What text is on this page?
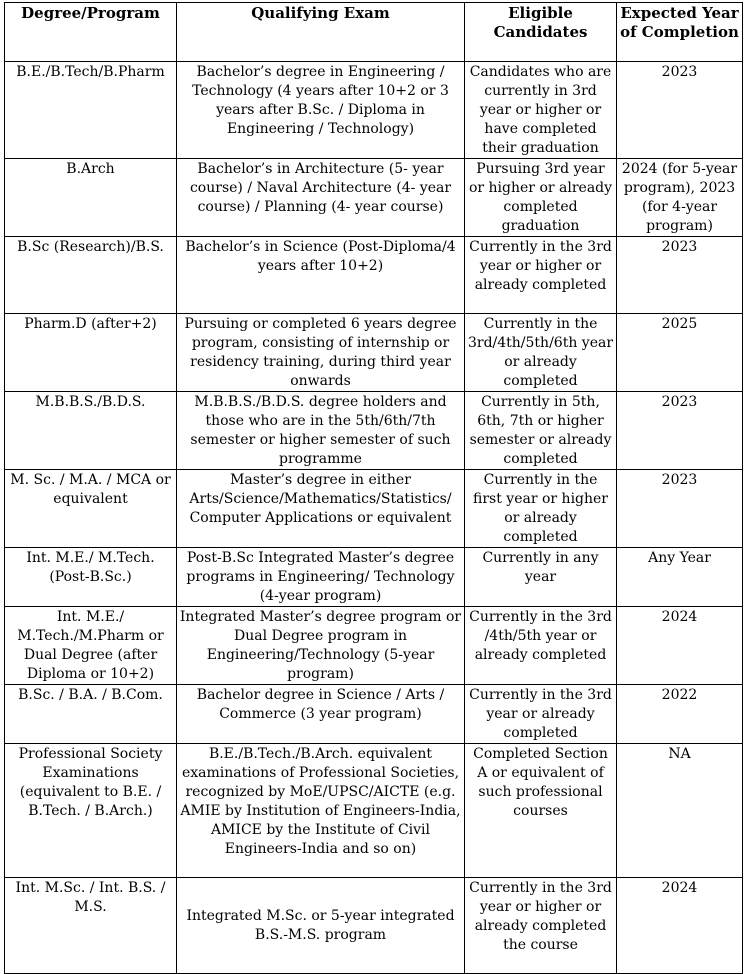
Degree/Program	Qualifying Exam	Eligible Candidates	Expected Year of Completion
B.E./B.Tech/B.Pharm	Bachelor’s degree in Engineering / Technology (4 years after 10+2 or 3 years after B.Sc. / Diploma in Engineering / Technology)	Candidates who are currently in 3rd year or higher or have completed their graduation	2023
B.Arch	Bachelor’s in Architecture (5- year course) / Naval Architecture (4- year course) / Planning (4- year course)	Pursuing 3rd year or higher or already completed graduation	2024 (for 5-year program), 2023 (for 4-year program)
B.Sc (Research)/B.S.	Bachelor’s in Science (Post-Diploma/4 years after 10+2)	Currently in the 3rd year or higher or already completed	2023
Pharm.D (after+2)	Pursuing or completed 6 years degree program, consisting of internship or residency training, during third year onwards	Currently in the 3rd/4th/5th/6th year or already completed	2025
M.B.B.S./B.D.S.	M.B.B.S./B.D.S. degree holders and those who are in the 5th/6th/7th semester or higher semester of such programme	Currently in 5th, 6th, 7th or higher semester or already completed	2023
M. Sc. / M.A. / MCA or equivalent	Master’s degree in either Arts/Science/Mathematics/Statistics/ Computer Applications or equivalent	Currently in the first year or higher or already completed	2023
Int. M.E./ M.Tech. (Post-B.Sc.)	Post-B.Sc Integrated Master’s degree programs in Engineering/ Technology (4-year program)	Currently in any year	Any Year
Int. M.E./ M.Tech./M.Pharm or Dual Degree (after Diploma or 10+2)	Integrated Master’s degree program or Dual Degree program in Engineering/Technology (5-year program)	Currently in the 3rd /4th/5th year or already completed	2024
B.Sc. / B.A. / B.Com.	Bachelor degree in Science / Arts / Commerce (3 year program)	Currently in the 3rd year or already completed	2022
Professional Society Examinations (equivalent to B.E. / B.Tech. / B.Arch.)	B.E./B.Tech./B.Arch. equivalent examinations of Professional Societies, recognized by MoE/UPSC/AICTE (e.g. AMIE by Institution of Engineers-India, AMICE by the Institute of Civil Engineers-India and so on)	Completed Section A or equivalent of such professional courses	NA
Int. M.Sc. / Int. B.S. / M.S.	Integrated M.Sc. or 5-year integrated B.S.-M.S. program	Currently in the 3rd year or higher or already completed the course	2024
